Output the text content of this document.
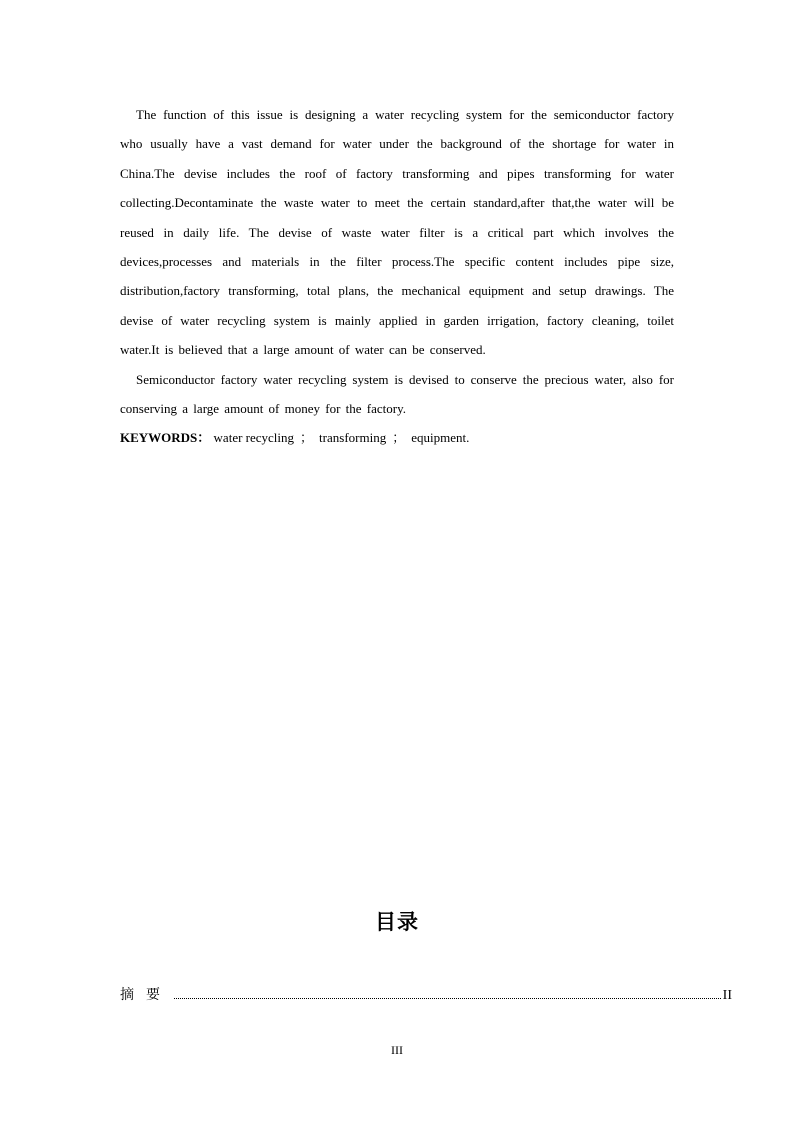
The function of this issue is designing a water recycling system for the semiconductor factory who usually have a vast demand for water under the background of the shortage for water in China.The devise includes the roof of factory transforming and pipes transforming for water collecting.Decontaminate the waste water to meet the certain standard,after that,the water will be reused in daily life. The devise of waste water filter is a critical part which involves the devices,processes and materials in the filter process.The specific content includes pipe size, distribution,factory transforming, total plans, the mechanical equipment and setup drawings. The devise of water recycling system is mainly applied in garden irrigation, factory cleaning, toilet water.It is believed that a large amount of water can be conserved.

Semiconductor factory water recycling system is devised to conserve the precious water, also for conserving a large amount of money for the factory.

KEYWORDS： water recycling ； transforming ； equipment.

目录
摘要	II
III
